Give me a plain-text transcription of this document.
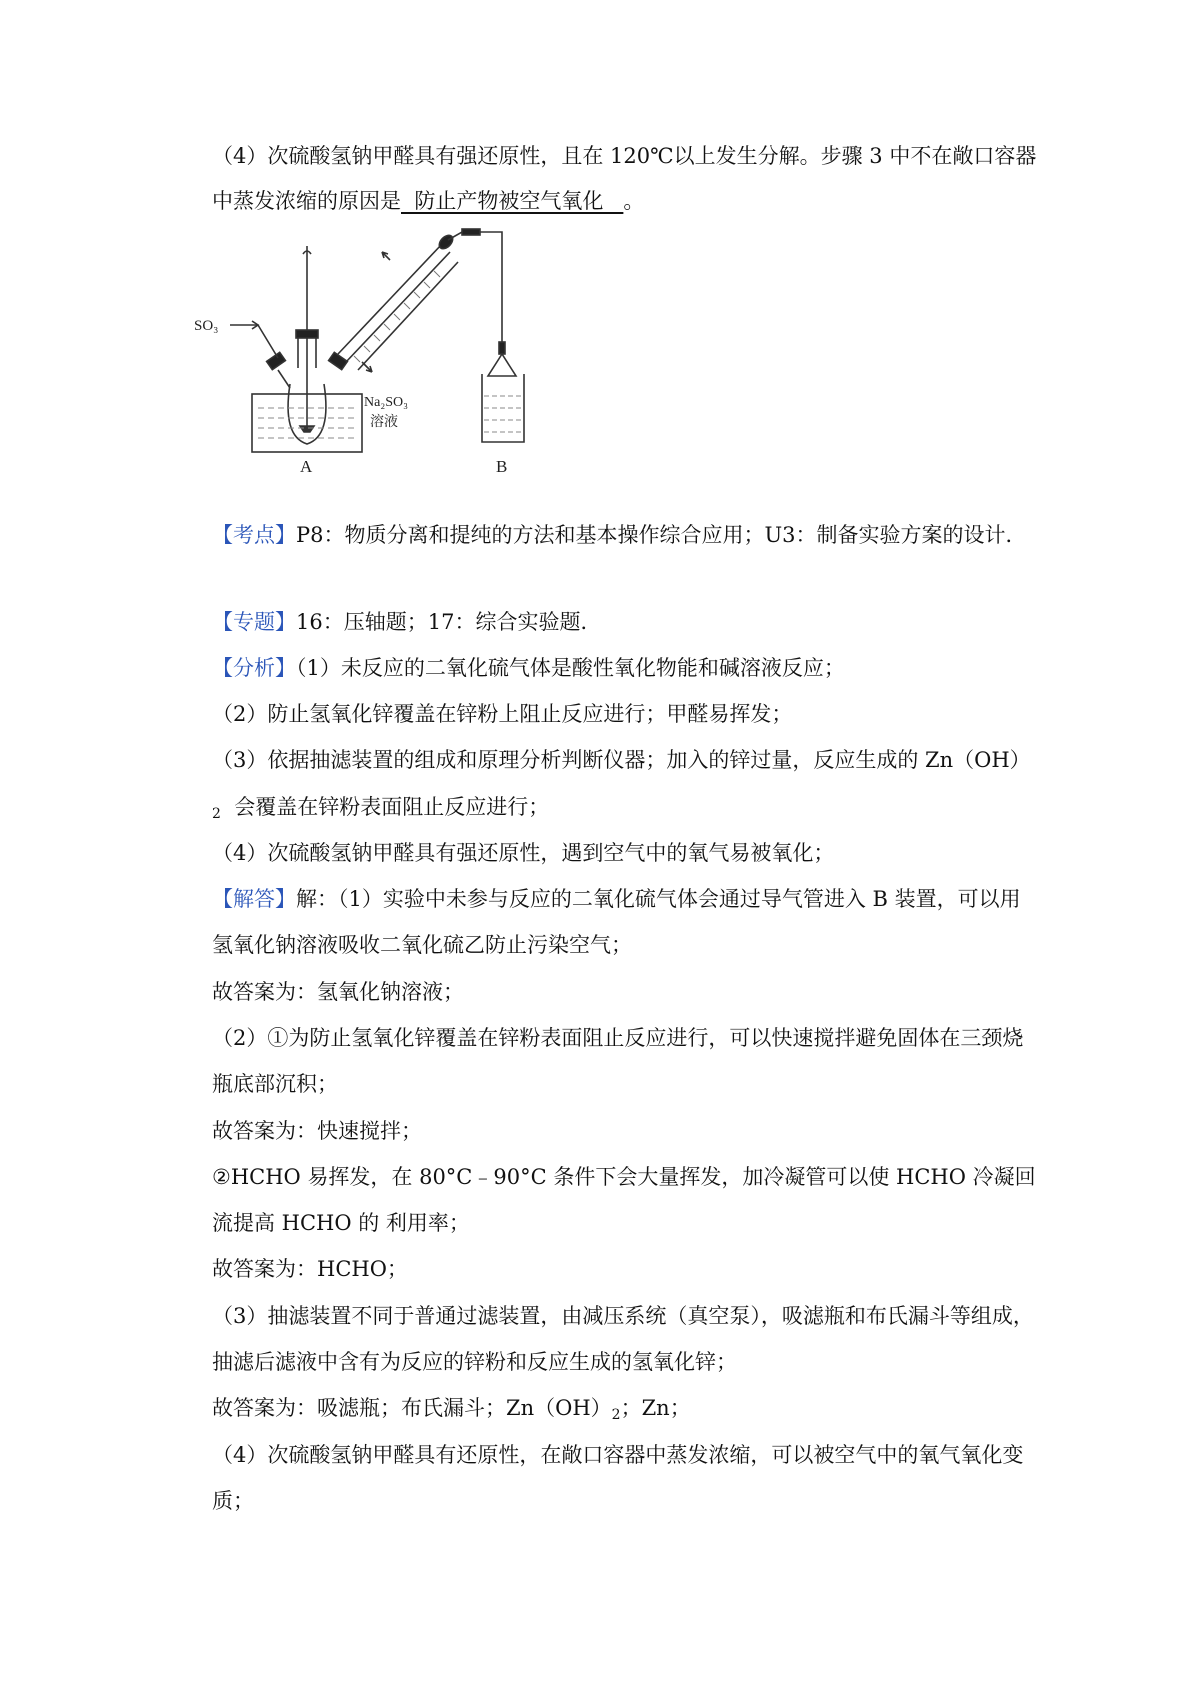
（4）次硫酸氢钠甲醛具有强还原性，且在 120℃以上发生分解。步骤 3 中不在敞口容器
中蒸发浓缩的原因是  防止产物被空气氧化   。
SO₃
Na₂SO₃
溶液
A	B
【考点】P8：物质分离和提纯的方法和基本操作综合应用；U3：制备实验方案的设计．
【专题】16：压轴题；17：综合实验题．
【分析】（1）未反应的二氧化硫气体是酸性氧化物能和碱溶液反应；
（2）防止氢氧化锌覆盖在锌粉上阻止反应进行；甲醛易挥发；
（3）依据抽滤装置的组成和原理分析判断仪器；加入的锌过量，反应生成的 Zn（OH）
$_2$  会覆盖在锌粉表面阻止反应进行；
（4）次硫酸氢钠甲醛具有强还原性，遇到空气中的氧气易被氧化；
【解答】解：（1）实验中未参与反应的二氧化硫气体会通过导气管进入 B 装置，可以用
氢氧化钠溶液吸收二氧化硫乙防止污染空气；
故答案为：氢氧化钠溶液；
（2）①为防止氢氧化锌覆盖在锌粉表面阻止反应进行，可以快速搅拌避免固体在三颈烧
瓶底部沉积；
故答案为：快速搅拌；
②HCHO 易挥发，在 80°C﹣90°C 条件下会大量挥发，加冷凝管可以使 HCHO 冷凝回
流提高 HCHO 的 利用率；
故答案为：HCHO；
（3）抽滤装置不同于普通过滤装置，由减压系统（真空泵），吸滤瓶和布氏漏斗等组成，
抽滤后滤液中含有为反应的锌粉和反应生成的氢氧化锌；
故答案为：吸滤瓶；布氏漏斗；$Zn(OH)_2$；Zn；
（4）次硫酸氢钠甲醛具有还原性，在敞口容器中蒸发浓缩，可以被空气中的氧气氧化变
质；
